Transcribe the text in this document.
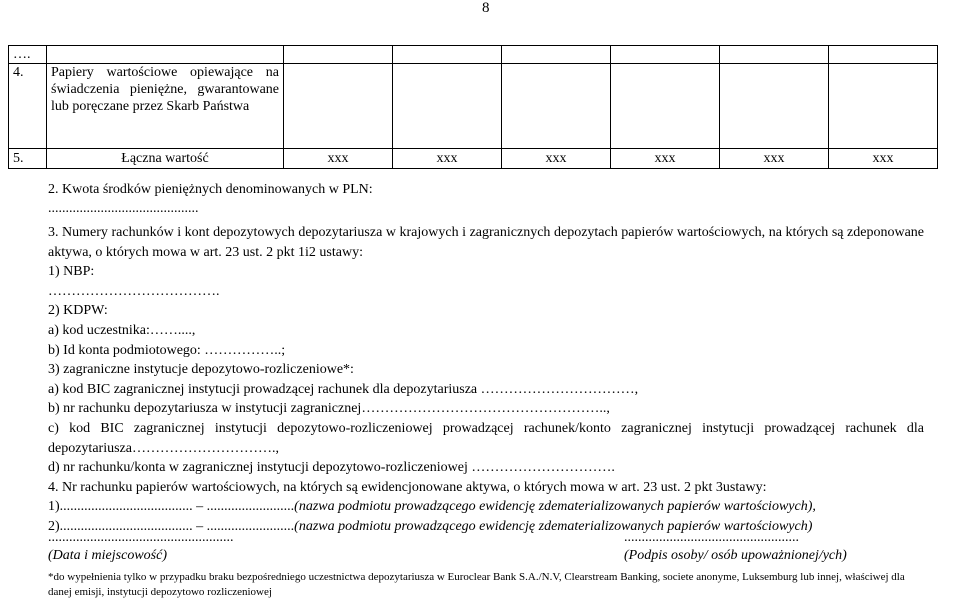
8
….							
4.	Papiery wartościowe opiewające na świadczenia pieniężne, gwarantowane lub poręczane przez Skarb Państwa						
5.	Łączna wartość	xxx	xxx	xxx	xxx	xxx	xxx
2. Kwota środków pieniężnych denominowanych w PLN:
...........................................

3. Numery rachunków i kont depozytowych depozytariusza w krajowych i zagranicznych depozytach papierów wartościowych, na których są zdeponowane aktywa, o których mowa w art. 23 ust. 2 pkt 1i2 ustawy:

1) NBP:

……………………………….

2) KDPW:

a) kod uczestnika:……....,

b) Id konta podmiotowego: ……………..;

3) zagraniczne instytucje depozytowo-rozliczeniowe*:

a) kod BIC zagranicznej instytucji prowadzącej rachunek dla depozytariusza ……………………………,

b) nr rachunku depozytariusza w instytucji zagranicznej……………………………………………..,

c) kod BIC zagranicznej instytucji depozytowo-rozliczeniowej prowadzącej rachunek/konto zagranicznej instytucji prowadzącej rachunek dla depozytariusza………………………….,

d) nr rachunku/konta w zagranicznej instytucji depozytowo-rozliczeniowej ………………………….

4. Nr rachunku papierów wartościowych, na których są ewidencjonowane aktywa, o których mowa w art. 23 ust. 2 pkt 3ustawy:

1)...................................... – .........................(nazwa podmiotu prowadzącego ewidencję zdematerializowanych papierów wartościowych),

2)...................................... – .........................(nazwa podmiotu prowadzącego ewidencję zdematerializowanych papierów wartościowych)

.....................................................
(Data i miejscowość)
..................................................
(Podpis osoby/ osób upoważnionej/ych)
*do wypełnienia tylko w przypadku braku bezpośredniego uczestnictwa depozytariusza w Euroclear Bank S.A./N.V, Clearstream Banking, societe anonyme, Luksemburg lub innej, właściwej dla danej emisji, instytucji depozytowo rozliczeniowej
